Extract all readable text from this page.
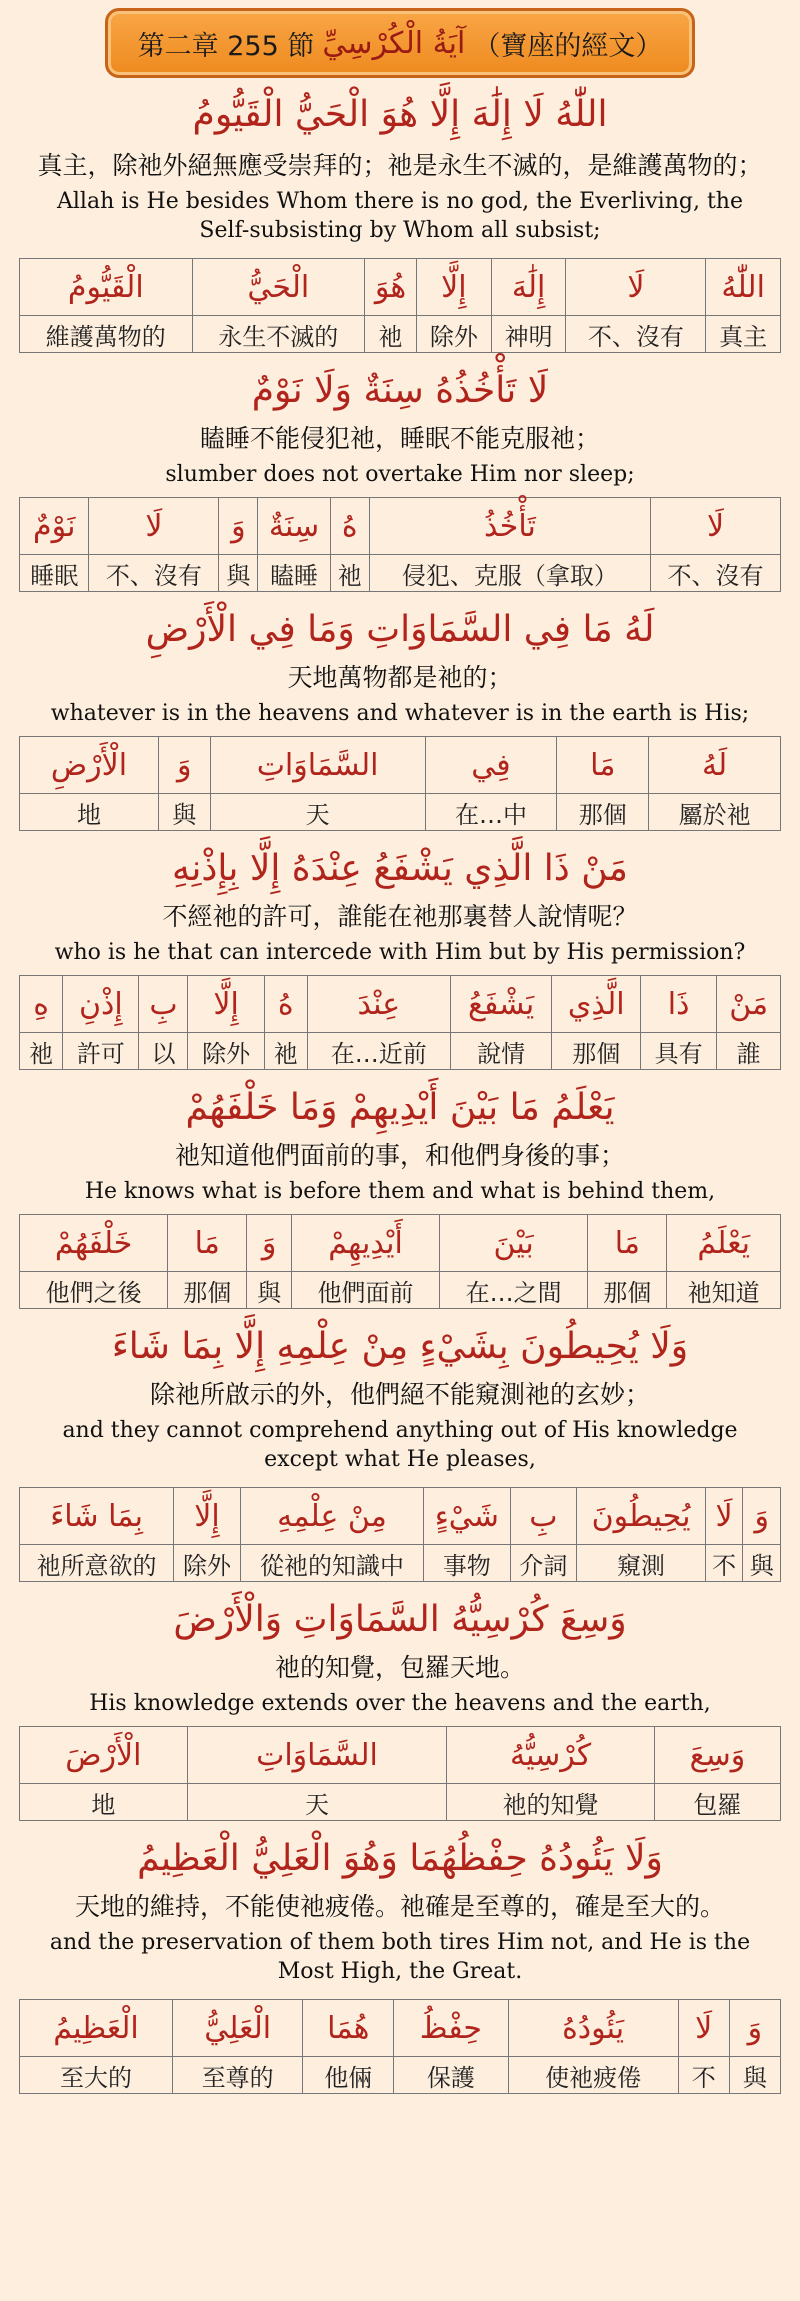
第二章 255 節 آيَةُ الْكُرْسِيِّ （寶座的經文）
اللّٰهُ لَا إِلَٰهَ إِلَّا هُوَ الْحَيُّ الْقَيُّومُ
真主，除祂外絕無應受崇拜的；祂是永生不滅的，是維護萬物的；
Allah is He besides Whom there is no god, the Everliving, the Self-subsisting by Whom all subsist;
اللّٰهُ	لَا	إِلَٰهَ	إِلَّا	هُوَ	الْحَيُّ	الْقَيُّومُ
真主	不、沒有	神明	除外	祂	永生不滅的	維護萬物的
لَا تَأْخُذُهُ سِنَةٌ وَلَا نَوْمٌ
瞌睡不能侵犯祂，睡眠不能克服祂；
slumber does not overtake Him nor sleep;
لَا	تَأْخُذُ	هُ	سِنَةٌ	وَ	لَا	نَوْمٌ
不、沒有	侵犯、克服（拿取）	祂	瞌睡	與	不、沒有	睡眠
لَهُ مَا فِي السَّمَاوَاتِ وَمَا فِي الْأَرْضِ
天地萬物都是祂的；
whatever is in the heavens and whatever is in the earth is His;
لَهُ	مَا	فِي	السَّمَاوَاتِ	وَ	الْأَرْضِ
屬於祂	那個	在…中	天	與	地
مَنْ ذَا الَّذِي يَشْفَعُ عِنْدَهُ إِلَّا بِإِذْنِهِ
不經祂的許可，誰能在祂那裏替人說情呢？
who is he that can intercede with Him but by His permission?
مَنْ	ذَا	الَّذِي	يَشْفَعُ	عِنْدَ	هُ	إِلَّا	بِ	إِذْنِ	هِ
誰	具有	那個	說情	在…近前	祂	除外	以	許可	祂
يَعْلَمُ مَا بَيْنَ أَيْدِيهِمْ وَمَا خَلْفَهُمْ
祂知道他們面前的事，和他們身後的事；
He knows what is before them and what is behind them,
يَعْلَمُ	مَا	بَيْنَ	أَيْدِيهِمْ	وَ	مَا	خَلْفَهُمْ
祂知道	那個	在…之間	他們面前	與	那個	他們之後
وَلَا يُحِيطُونَ بِشَيْءٍ مِنْ عِلْمِهِ إِلَّا بِمَا شَاءَ
除祂所啟示的外，他們絕不能窺測祂的玄妙；
and they cannot comprehend anything out of His knowledge except what He pleases,
وَ	لَا	يُحِيطُونَ	بِ	شَيْءٍ	مِنْ عِلْمِهِ	إِلَّا	بِمَا شَاءَ
與	不	窺測	介詞	事物	從祂的知識中	除外	祂所意欲的
وَسِعَ كُرْسِيُّهُ السَّمَاوَاتِ وَالْأَرْضَ
祂的知覺，包羅天地。
His knowledge extends over the heavens and the earth,
وَسِعَ	كُرْسِيُّهُ	السَّمَاوَاتِ	الْأَرْضَ
包羅	祂的知覺	天	地
وَلَا يَئُودُهُ حِفْظُهُمَا وَهُوَ الْعَلِيُّ الْعَظِيمُ
天地的維持，不能使祂疲倦。祂確是至尊的，確是至大的。
and the preservation of them both tires Him not, and He is the Most High, the Great.
وَ	لَا	يَئُودُهُ	حِفْظُ	هُمَا	الْعَلِيُّ	الْعَظِيمُ
與	不	使祂疲倦	保護	他倆	至尊的	至大的
